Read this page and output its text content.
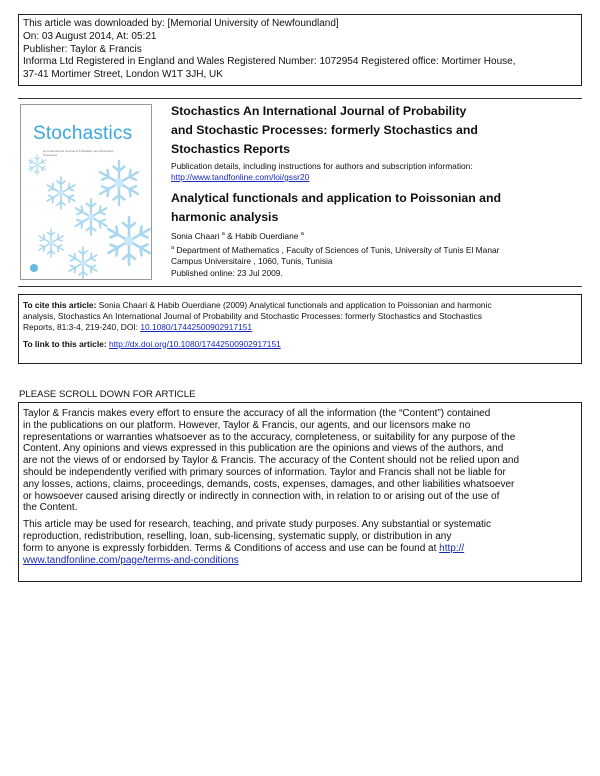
This article was downloaded by: [Memorial University of Newfoundland]
On: 03 August 2014, At: 05:21
Publisher: Taylor & Francis
Informa Ltd Registered in England and Wales Registered Number: 1072954 Registered office: Mortimer House,
37-41 Mortimer Street, London W1T 3JH, UK
Stochastics
An International Journal of Probability and Stochastic Processes
Stochastics An International Journal of Probability
and Stochastic Processes: formerly Stochastics and
Stochastics Reports
Publication details, including instructions for authors and subscription information:
http://www.tandfonline.com/loi/gssr20
Analytical functionals and application to Poissonian and
harmonic analysis
Sonia Chaari $^a$ & Habib Ouerdiane $^a$
$^a$ Department of Mathematics , Faculty of Sciences of Tunis, University of Tunis El Manar
Campus Universitaire , 1060, Tunis, Tunisia
Published online: 23 Jul 2009.
To cite this article: Sonia Chaari & Habib Ouerdiane (2009) Analytical functionals and application to Poissonian and harmonic
analysis, Stochastics An International Journal of Probability and Stochastic Processes: formerly Stochastics and Stochastics
Reports, 81:3-4, 219-240, DOI: 10.1080/17442500902917151
To link to this article: http://dx.doi.org/10.1080/17442500902917151
PLEASE SCROLL DOWN FOR ARTICLE
Taylor & Francis makes every effort to ensure the accuracy of all the information (the “Content”) contained
in the publications on our platform. However, Taylor & Francis, our agents, and our licensors make no
representations or warranties whatsoever as to the accuracy, completeness, or suitability for any purpose of the
Content. Any opinions and views expressed in this publication are the opinions and views of the authors, and
are not the views of or endorsed by Taylor & Francis. The accuracy of the Content should not be relied upon and
should be independently verified with primary sources of information. Taylor and Francis shall not be liable for
any losses, actions, claims, proceedings, demands, costs, expenses, damages, and other liabilities whatsoever
or howsoever caused arising directly or indirectly in connection with, in relation to or arising out of the use of
the Content.
This article may be used for research, teaching, and private study purposes. Any substantial or systematic
reproduction, redistribution, reselling, loan, sub-licensing, systematic supply, or distribution in any
form to anyone is expressly forbidden. Terms & Conditions of access and use can be found at http://
www.tandfonline.com/page/terms-and-conditions
